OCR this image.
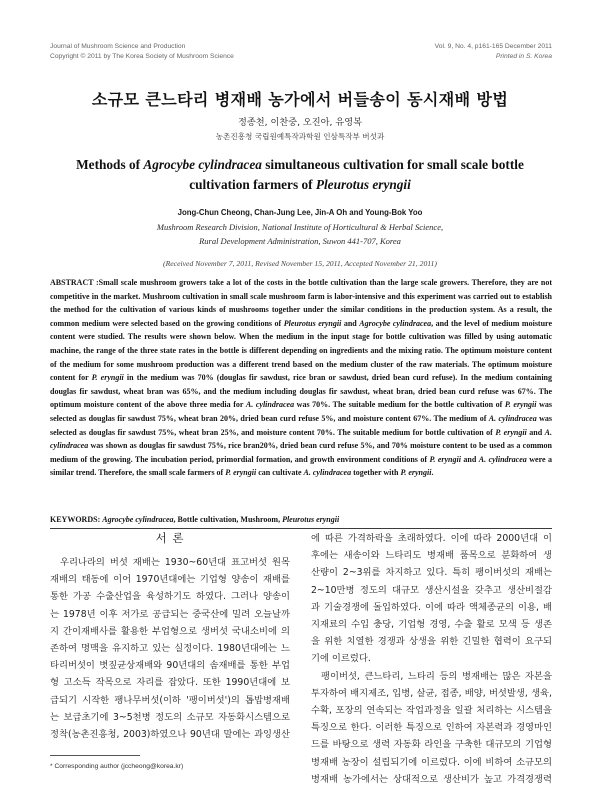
Journal of Mushroom Science and Production
Copyright © 2011 by The Korea Society of Mushroom Science
Vol. 9, No. 4, p161-165 December 2011
Printed in S. Korea
소규모 큰느타리 병재배 농가에서 버들송이 동시재배 방법
정종천, 이찬중, 오진아, 유영복
농촌진흥청 국립원예특작과학원 인삼특작부 버섯과
Methods of Agrocybe cylindracea simultaneous cultivation for small scale bottle cultivation farmers of Pleurotus eryngii
Jong-Chun Cheong, Chan-Jung Lee, Jin-A Oh and Young-Bok Yoo
Mushroom Research Division, National Institute of Horticultural & Herbal Science,
Rural Development Administration, Suwon 441-707, Korea
(Received November 7, 2011, Revised November 15, 2011, Accepted November 21, 2011)
ABSTRACT :Small scale mushroom growers take a lot of the costs in the bottle cultivation than the large scale growers. Therefore, they are not competitive in the market. Mushroom cultivation in small scale mushroom farm is labor-intensive and this experiment was carried out to establish the method for the cultivation of various kinds of mushrooms together under the similar conditions in the production system. As a result, the common medium were selected based on the growing conditions of Pleurotus eryngii and Agrocybe cylindracea, and the level of medium moisture content were studied. The results were shown below. When the medium in the input stage for bottle cultivation was filled by using automatic machine, the range of the three state rates in the bottle is different depending on ingredients and the mixing ratio. The optimum moisture content of the medium for some mushroom production was a different trend based on the medium cluster of the raw materials. The optimum moisture content for P. eryngii in the medium was 70% (douglas fir sawdust, rice bran or sawdust, dried bean curd refuse). In the medium containing douglas fir sawdust, wheat bran was 65%, and the medium including douglas fir sawdust, wheat bran, dried bean curd refuse was 67%. The optimum moisture content of the above three media for A. cylindracea was 70%. The suitable medium for the bottle cultivation of P. eryngii was selected as douglas fir sawdust 75%, wheat bran 20%, dried bean curd refuse 5%, and moisture content 67%. The medium of A. cylindracea was selected as douglas fir sawdust 75%, wheat bran 25%, and moisture content 70%. The suitable medium for bottle cultivation of P. eryngii and A. cylindracea was shown as douglas fir sawdust 75%, rice bran20%, dried bean curd refuse 5%, and 70% moisture content to be used as a common medium of the growing. The incubation period, primordial formation, and growth environment conditions of P. eryngii and A. cylindracea were a similar trend. Therefore, the small scale farmers of P. eryngii can cultivate A. cylindracea together with P. eryngii.
KEYWORDS: Agrocybe cylindracea, Bottle cultivation, Mushroom, Pleurotus eryngii
서 론
우리나라의 버섯 재배는 1930~60년대 표고버섯 원목
재배의 태동에 이어 1970년대에는 기업형 양송이 재배를
통한 가공 수출산업을 육성하기도 하였다. 그러나 양송이
는 1978년 이후 저가로 공급되는 중국산에 밀려 오늘날까
지 간이재배사를 활용한 부업형으로 생버섯 국내소비에 의
존하여 명맥을 유지하고 있는 실정이다. 1980년대에는 느
타리버섯이 볏짚균상재배와 90년대의 솜재배를 통한 부업
형 고소득 작목으로 자리를 잡았다. 또한 1990년대에 보
급되기 시작한 팽나무버섯(이하 '팽이버섯')의 톱밥병재배
는 보급초기에 3~5천병 정도의 소규모 자동화시스템으로
정착(농촌진흥청, 2003)하였으나 90년대 말에는 과잉생산
에 따른 가격하락을 초래하였다. 이에 따라 2000년대 이
후에는 새송이와 느타리도 병재배 품목으로 분화하여 생
산량이 2~3위를 차지하고 있다. 특히 팽이버섯의 재배는
2~10만병 정도의 대규모 생산시설을 갖추고 생산비절감
과 기술경쟁에 돌입하였다. 이에 따라 액체종균의 이용, 배
지재료의 수입 충당, 기업형 경영, 수출 활로 모색 등 생존
을 위한 치열한 경쟁과 상생을 위한 긴밀한 협력이 요구되
기에 이르렀다.
팽이버섯, 큰느타리, 느타리 등의 병재배는 많은 자본을
투자하여 배지제조, 입병, 살균, 접종, 배양, 버섯발생, 생육,
수확, 포장의 연속되는 작업과정을 일괄 처리하는 시스템을
특징으로 한다. 이러한 특징으로 인하여 자본력과 경영마인
드를 바탕으로 생력 자동화 라인을 구축한 대규모의 기업형
병재배 농장이 설립되기에 이르렀다. 이에 비하여 소규모의
병재배 농가에서는 상대적으로 생산비가 높고 가격경쟁력
* Corresponding author (jccheong@korea.kr)
